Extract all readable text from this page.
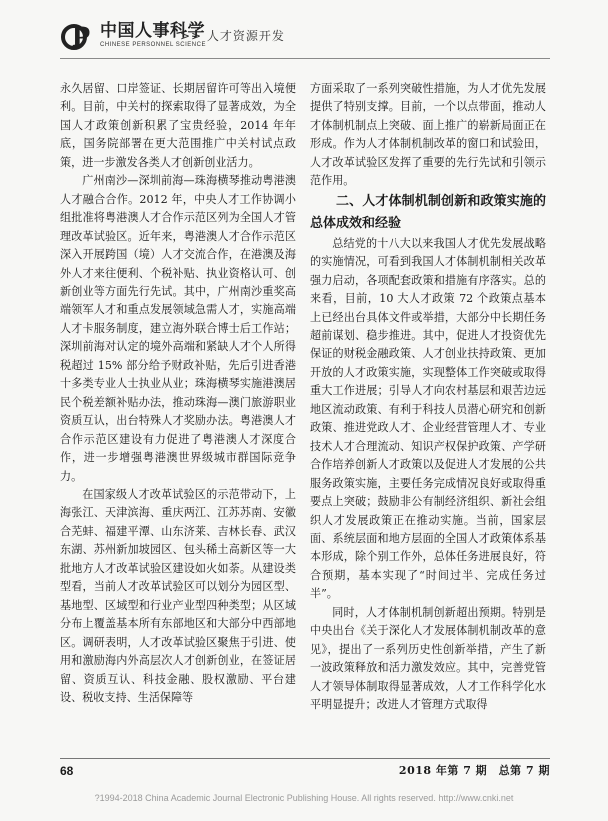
P 中国人事科学
CHINESE PERSONNEL SCIENCE
>> 人才资源开发

永久居留、口岸签证、长期居留许可等出入境便利。目前，中关村的探索取得了显著成效，为全国人才政策创新积累了宝贵经验，2014 年年底，国务院部署在更大范围推广中关村试点政策，进一步激发各类人才创新创业活力。

广州南沙—深圳前海—珠海横琴推动粤港澳人才融合合作。2012 年，中央人才工作协调小组批准将粤港澳人才合作示范区列为全国人才管理改革试验区。近年来，粤港澳人才合作示范区深入开展跨国（境）人才交流合作，在港澳及海外人才来往便利、个税补贴、执业资格认可、创新创业等方面先行先试。其中，广州南沙重奖高端领军人才和重点发展领域急需人才，实施高端人才卡服务制度，建立海外联合博士后工作站；深圳前海对认定的境外高端和紧缺人才个人所得税超过 15% 部分给予财政补贴，先后引进香港十多类专业人士执业从业；珠海横琴实施港澳居民个税差额补贴办法，推动珠海—澳门旅游职业资质互认，出台特殊人才奖励办法。粤港澳人才合作示范区建设有力促进了粤港澳人才深度合作，进一步增强粤港澳世界级城市群国际竞争力。

在国家级人才改革试验区的示范带动下，上海张江、天津滨海、重庆两江、江苏苏南、安徽合芜蚌、福建平潭、山东济莱、吉林长春、武汉东湖、苏州新加坡园区、包头稀土高新区等一大批地方人才改革试验区建设如火如荼。从建设类型看，当前人才改革试验区可以划分为园区型、基地型、区域型和行业产业型四种类型；从区域分布上覆盖基本所有东部地区和大部分中西部地区。调研表明，人才改革试验区聚焦于引进、使用和激励海内外高层次人才创新创业，在签证居留、资质互认、科技金融、股权激励、平台建设、税收支持、生活保障等

方面采取了一系列突破性措施，为人才优先发展提供了特别支撑。目前，一个以点带面，推动人才体制机制点上突破、面上推广的崭新局面正在形成。作为人才体制机制改革的窗口和试验田，人才改革试验区发挥了重要的先行先试和引领示范作用。

二、人才体制机制创新和政策实施的总体成效和经验

总结党的十八大以来我国人才优先发展战略的实施情况，可看到我国人才体制机制相关改革强力启动，各项配套政策和措施有序落实。总的来看，目前，10 大人才政策 72 个政策点基本上已经出台具体文件或举措，大部分中长期任务超前谋划、稳步推进。其中，促进人才投资优先保证的财税金融政策、人才创业扶持政策、更加开放的人才政策实施，实现整体工作突破或取得重大工作进展；引导人才向农村基层和艰苦边远地区流动政策、有利于科技人员潜心研究和创新政策、推进党政人才、企业经营管理人才、专业技术人才合理流动、知识产权保护政策、产学研合作培养创新人才政策以及促进人才发展的公共服务政策实施，主要任务完成情况良好或取得重要点上突破；鼓励非公有制经济组织、新社会组织人才发展政策正在推动实施。当前，国家层面、系统层面和地方层面的全国人才政策体系基本形成，除个别工作外，总体任务进展良好，符合预期，基本实现了“时间过半、完成任务过半”。

同时，人才体制机制创新超出预期。特别是中央出台《关于深化人才发展体制机制改革的意见》，提出了一系列历史性创新举措，产生了新一波政策释放和活力激发效应。其中，完善党管人才领导体制取得显著成效，人才工作科学化水平明显提升；改进人才管理方式取得

68	2018 年第 7 期　总第 7 期
?1994-2018 China Academic Journal Electronic Publishing House. All rights reserved. http://www.cnki.net
